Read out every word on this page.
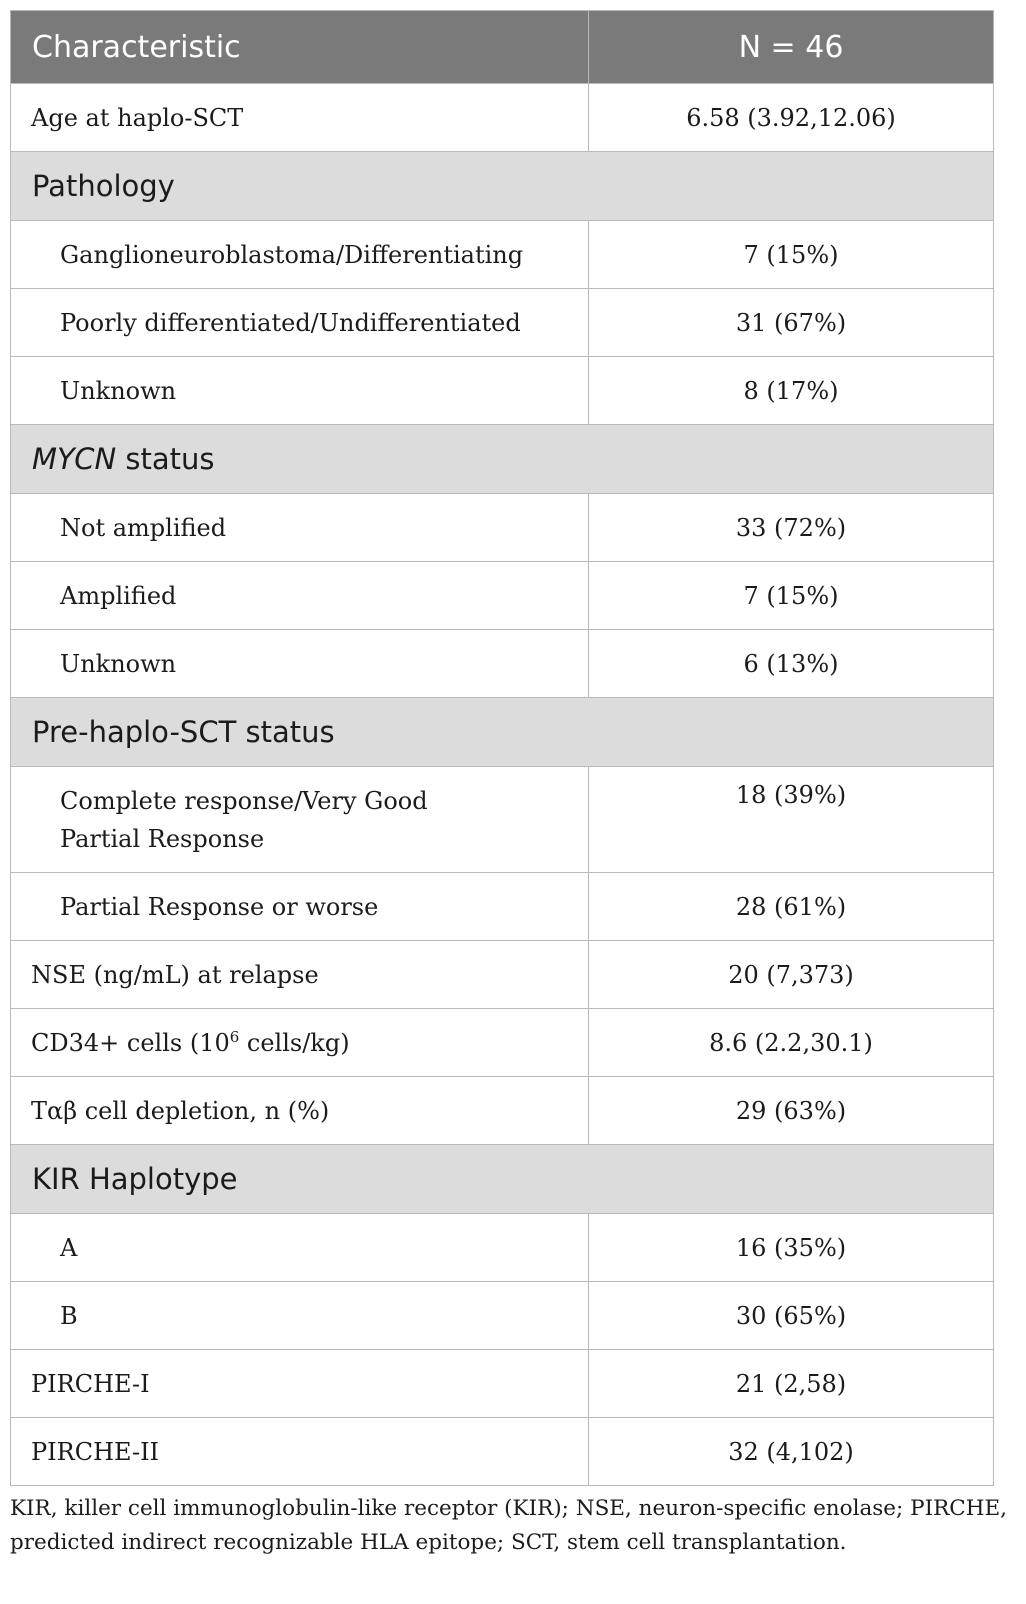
Characteristic	N = 46
Age at haplo-SCT	6.58 (3.92,12.06)
Pathology	
Ganglioneuroblastoma/Differentiating	7 (15%)
Poorly differentiated/Undifferentiated	31 (67%)
Unknown	8 (17%)
MYCN status	
Not amplified	33 (72%)
Amplified	7 (15%)
Unknown	6 (13%)
Pre-haplo-SCT status	
Complete response/Very Good
Partial Response	18 (39%)
Partial Response or worse	28 (61%)
NSE (ng/mL) at relapse	20 (7,373)
CD34+ cells ($10^6$ cells/kg)	8.6 (2.2,30.1)
Tαβ cell depletion, n (%)	29 (63%)
KIR Haplotype	
A	16 (35%)
B	30 (65%)
PIRCHE-I	21 (2,58)
PIRCHE-II	32 (4,102)

KIR, killer cell immunoglobulin-like receptor (KIR); NSE, neuron-specific enolase; PIRCHE, predicted indirect recognizable HLA epitope; SCT, stem cell transplantation.
